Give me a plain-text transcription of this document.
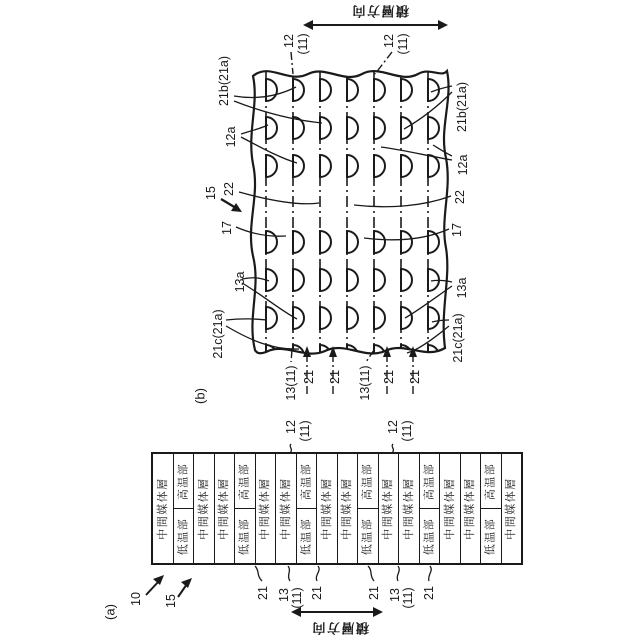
21b(21a)
12a
15 22
17
13a
21c(21a)
(b)
21b(21a)
12a
22
17
13a
21c(21a)
12 (11)	12 (11)
13(11) 21 21 13(11) 21 21
積層方向
中間媒体層 高温部
低温部 中間媒体層 中間媒体層 高温部
低温部 中間媒体層 中間媒体層 高温部
低温部 中間媒体層 中間媒体層 高温部
低温部 中間媒体層 中間媒体層 高温部
低温部 中間媒体層 中間媒体層 高温部
低温部 中間媒体層
12 (11)	12 (11)
21 13 (11) 21	21 13 (11) 21
(a)
10 15
積層方向
